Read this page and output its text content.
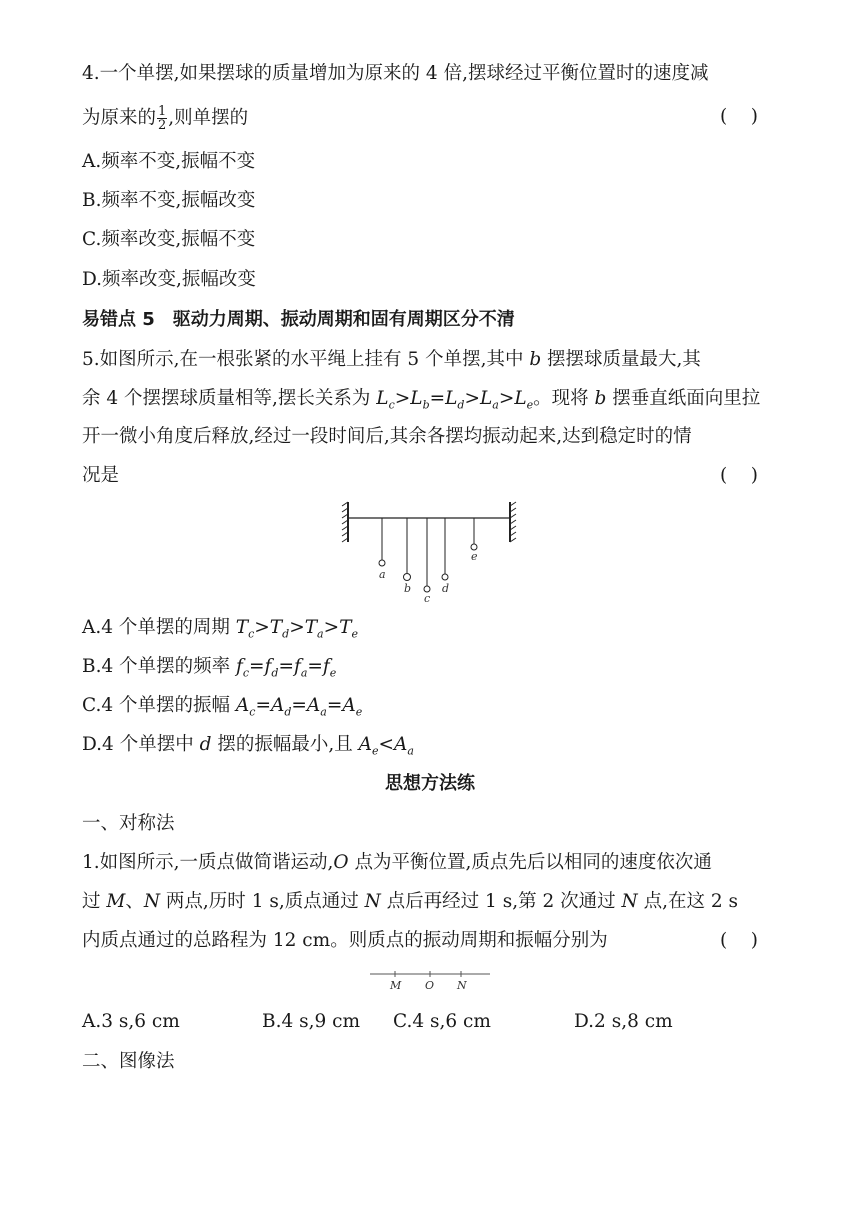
4.一个单摆,如果摆球的质量增加为原来的 4 倍,摆球经过平衡位置时的速度减
为原来的 $\frac{1}{2}$ ,则单摆的	(    )
A.频率不变,振幅不变
B.频率不变,振幅改变
C.频率改变,振幅不变
D.频率改变,振幅改变
易错点 5　驱动力周期、振动周期和固有周期区分不清
5.如图所示,在一根张紧的水平绳上挂有 5 个单摆,其中 b 摆摆球质量最大,其
余 4 个摆摆球质量相等,摆长关系为 $L_c>L_b=L_d>L_a>L_e$。现将 b 摆垂直纸面向里拉
开一微小角度后释放,经过一段时间后,其余各摆均振动起来,达到稳定时的情
况是	(    )
a
b
c
d
e
A.4 个单摆的周期 $T_c>T_d>T_a>T_e$
B.4 个单摆的频率 $f_c=f_d=f_a=f_e$
C.4 个单摆的振幅 $A_c=A_d=A_a=A_e$
D.4 个单摆中 d 摆的振幅最小,且 $A_e<A_a$
思想方法练
一、对称法
1.如图所示,一质点做简谐运动,O 点为平衡位置,质点先后以相同的速度依次通
过 M、N 两点,历时 1 s,质点通过 N 点后再经过 1 s,第 2 次通过 N 点,在这 2 s
内质点通过的总路程为 12 cm。则质点的振动周期和振幅分别为	(    )
M O N
A.3 s,6 cm	B.4 s,9 cm C.4 s,6 cm	D.2 s,8 cm
二、图像法
